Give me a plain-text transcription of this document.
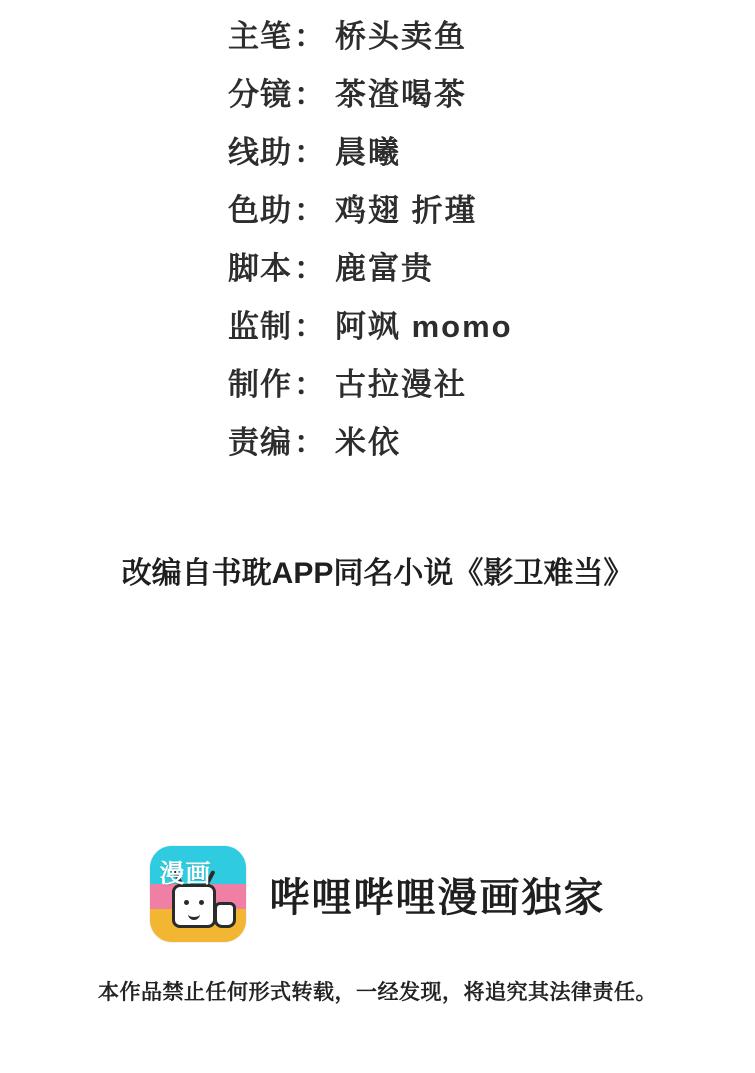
主笔 ： 桥头卖鱼
分镜 ： 茶渣喝茶
线助 ： 晨曦
色助 ： 鸡翅 折瑾
脚本 ： 鹿富贵
监制 ： 阿飒 momo
制作 ： 古拉漫社
责编 ： 米依
改编自书耽APP同名小说《影卫难当》
漫画
哔哩哔哩漫画独家
本作品禁止任何形式转载，一经发现，将追究其法律责任。
